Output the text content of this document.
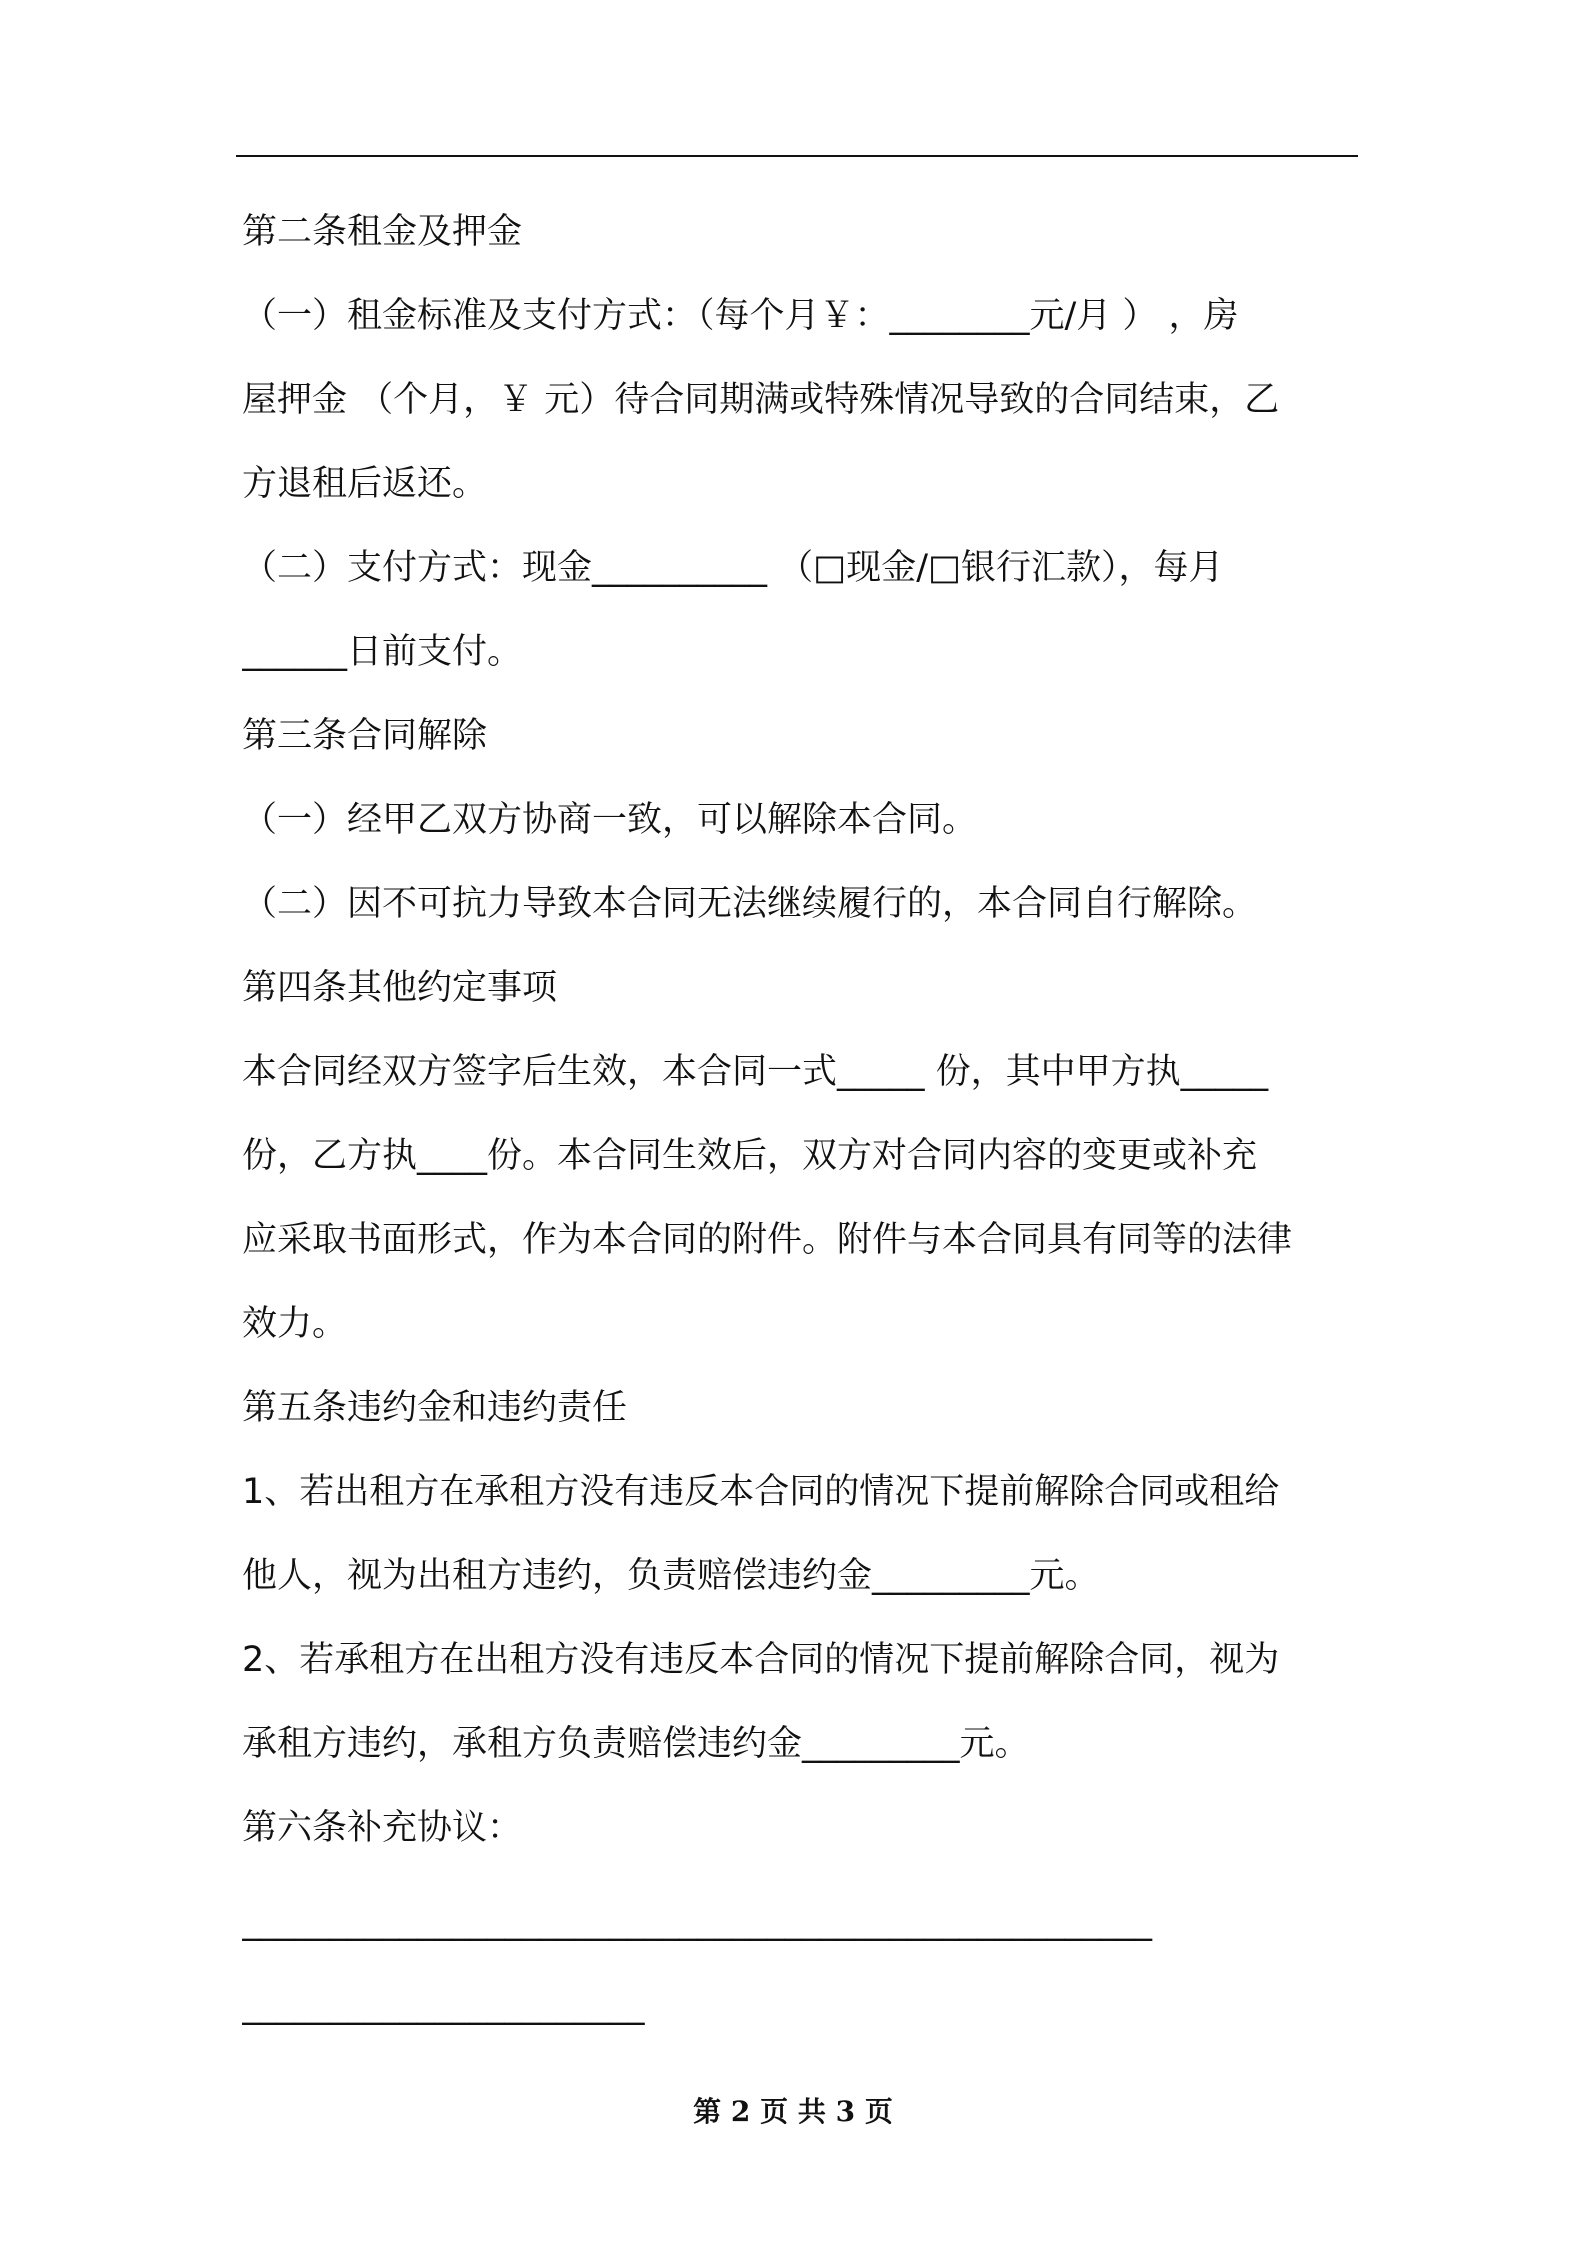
第二条租金及押金
（一）租金标准及支付方式：（每个月￥：________元/月 ） ，房
屋押金 （个月，￥ 元）待合同期满或特殊情况导致的合同结束，乙
方退租后返还。
（二）支付方式：现金__________ （□现金/□银行汇款），每月
______日前支付。
第三条合同解除
（一）经甲乙双方协商一致，可以解除本合同。
（二）因不可抗力导致本合同无法继续履行的，本合同自行解除。
第四条其他约定事项
本合同经双方签字后生效，本合同一式_____ 份，其中甲方执_____
份，乙方执____份。本合同生效后，双方对合同内容的变更或补充
应采取书面形式，作为本合同的附件。附件与本合同具有同等的法律
效力。
第五条违约金和违约责任
1、若出租方在承租方没有违反本合同的情况下提前解除合同或租给
他人，视为出租方违约，负责赔偿违约金_________元。
2、若承租方在出租方没有违反本合同的情况下提前解除合同，视为
承租方违约，承租方负责赔偿违约金_________元。
第六条补充协议：
____________________________________________________
_______________________
第 2 页 共 3 页
